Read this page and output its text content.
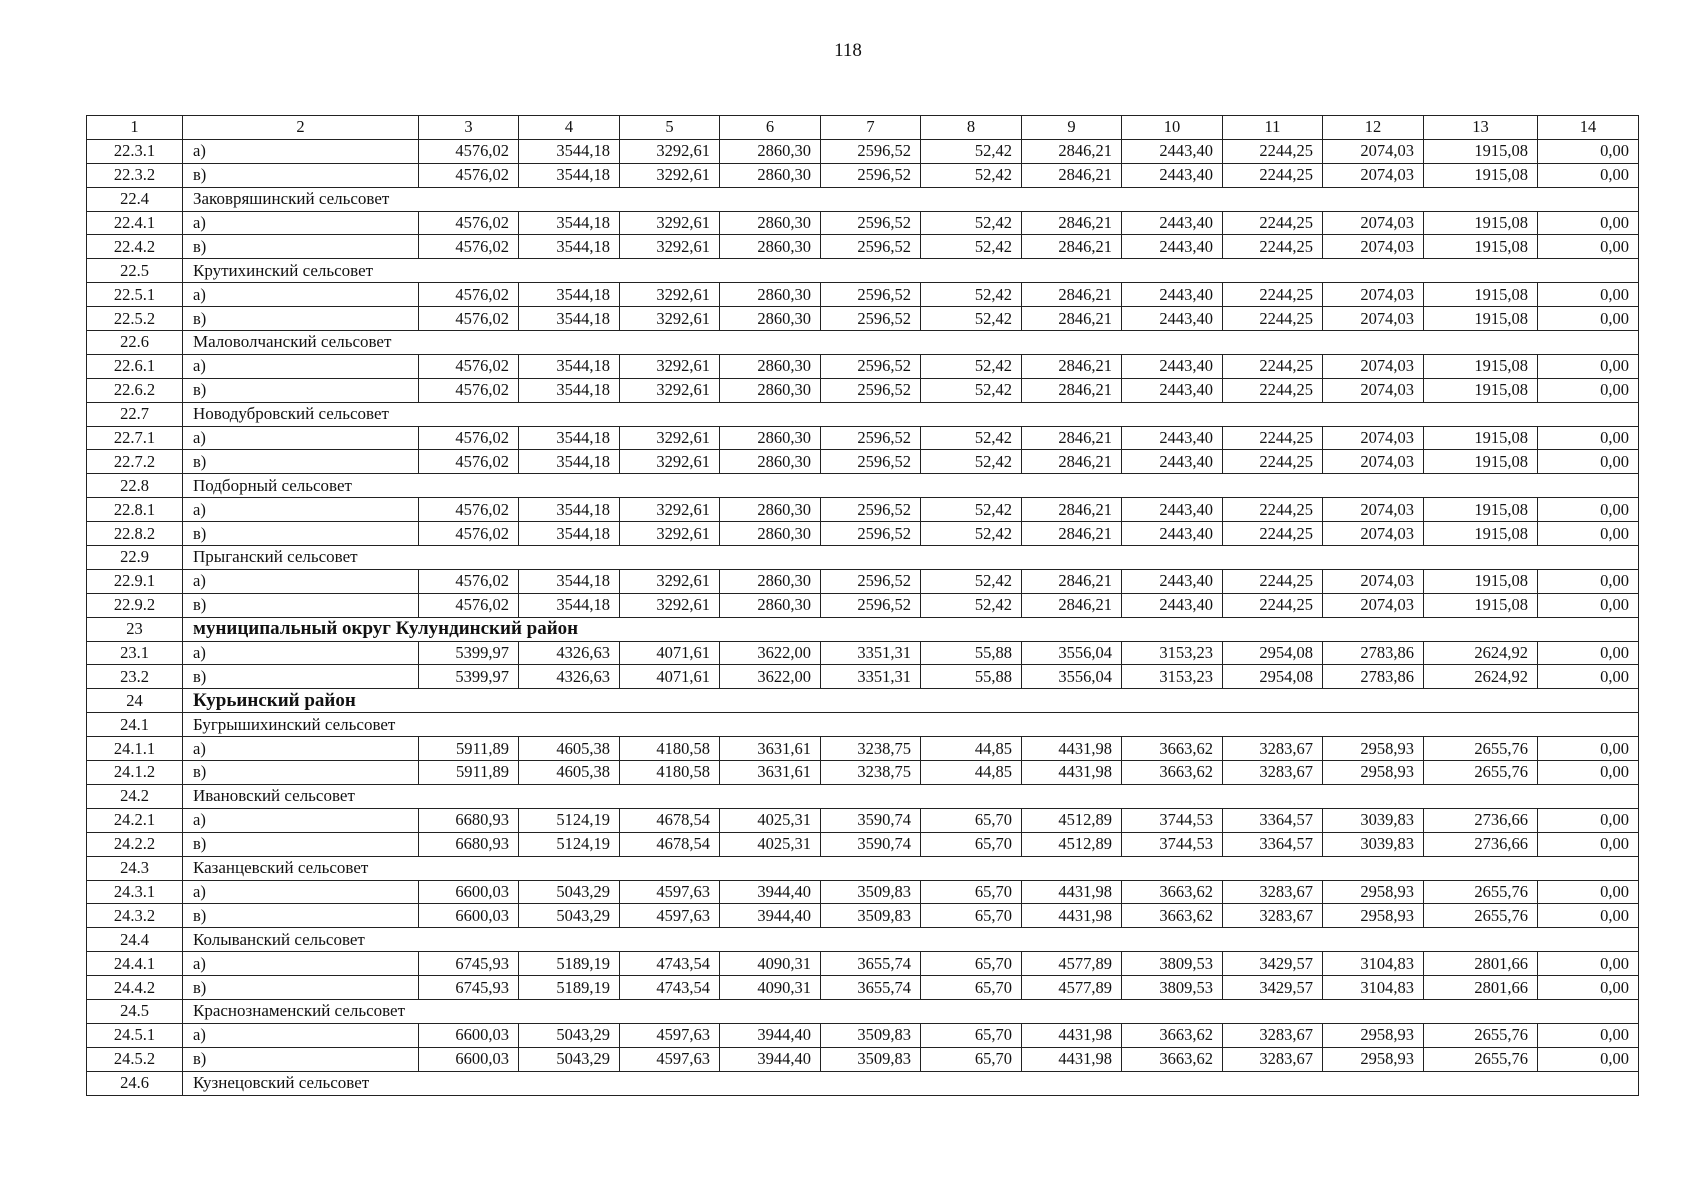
118
1	2	3	4	5	6	7	8	9	10	11	12	13	14
22.3.1	а)	4576,02	3544,18	3292,61	2860,30	2596,52	52,42	2846,21	2443,40	2244,25	2074,03	1915,08	0,00
22.3.2	в)	4576,02	3544,18	3292,61	2860,30	2596,52	52,42	2846,21	2443,40	2244,25	2074,03	1915,08	0,00
22.4	Заковряшинский сельсовет												
22.4.1	а)	4576,02	3544,18	3292,61	2860,30	2596,52	52,42	2846,21	2443,40	2244,25	2074,03	1915,08	0,00
22.4.2	в)	4576,02	3544,18	3292,61	2860,30	2596,52	52,42	2846,21	2443,40	2244,25	2074,03	1915,08	0,00
22.5	Крутихинский сельсовет												
22.5.1	а)	4576,02	3544,18	3292,61	2860,30	2596,52	52,42	2846,21	2443,40	2244,25	2074,03	1915,08	0,00
22.5.2	в)	4576,02	3544,18	3292,61	2860,30	2596,52	52,42	2846,21	2443,40	2244,25	2074,03	1915,08	0,00
22.6	Маловолчанский сельсовет												
22.6.1	а)	4576,02	3544,18	3292,61	2860,30	2596,52	52,42	2846,21	2443,40	2244,25	2074,03	1915,08	0,00
22.6.2	в)	4576,02	3544,18	3292,61	2860,30	2596,52	52,42	2846,21	2443,40	2244,25	2074,03	1915,08	0,00
22.7	Новодубровский сельсовет												
22.7.1	а)	4576,02	3544,18	3292,61	2860,30	2596,52	52,42	2846,21	2443,40	2244,25	2074,03	1915,08	0,00
22.7.2	в)	4576,02	3544,18	3292,61	2860,30	2596,52	52,42	2846,21	2443,40	2244,25	2074,03	1915,08	0,00
22.8	Подборный сельсовет												
22.8.1	а)	4576,02	3544,18	3292,61	2860,30	2596,52	52,42	2846,21	2443,40	2244,25	2074,03	1915,08	0,00
22.8.2	в)	4576,02	3544,18	3292,61	2860,30	2596,52	52,42	2846,21	2443,40	2244,25	2074,03	1915,08	0,00
22.9	Прыганский сельсовет												
22.9.1	а)	4576,02	3544,18	3292,61	2860,30	2596,52	52,42	2846,21	2443,40	2244,25	2074,03	1915,08	0,00
22.9.2	в)	4576,02	3544,18	3292,61	2860,30	2596,52	52,42	2846,21	2443,40	2244,25	2074,03	1915,08	0,00
23	муниципальный округ Кулундинский район												
23.1	а)	5399,97	4326,63	4071,61	3622,00	3351,31	55,88	3556,04	3153,23	2954,08	2783,86	2624,92	0,00
23.2	в)	5399,97	4326,63	4071,61	3622,00	3351,31	55,88	3556,04	3153,23	2954,08	2783,86	2624,92	0,00
24	Курьинский район												
24.1	Бугрышихинский сельсовет												
24.1.1	а)	5911,89	4605,38	4180,58	3631,61	3238,75	44,85	4431,98	3663,62	3283,67	2958,93	2655,76	0,00
24.1.2	в)	5911,89	4605,38	4180,58	3631,61	3238,75	44,85	4431,98	3663,62	3283,67	2958,93	2655,76	0,00
24.2	Ивановский сельсовет												
24.2.1	а)	6680,93	5124,19	4678,54	4025,31	3590,74	65,70	4512,89	3744,53	3364,57	3039,83	2736,66	0,00
24.2.2	в)	6680,93	5124,19	4678,54	4025,31	3590,74	65,70	4512,89	3744,53	3364,57	3039,83	2736,66	0,00
24.3	Казанцевский сельсовет												
24.3.1	а)	6600,03	5043,29	4597,63	3944,40	3509,83	65,70	4431,98	3663,62	3283,67	2958,93	2655,76	0,00
24.3.2	в)	6600,03	5043,29	4597,63	3944,40	3509,83	65,70	4431,98	3663,62	3283,67	2958,93	2655,76	0,00
24.4	Колыванский сельсовет												
24.4.1	а)	6745,93	5189,19	4743,54	4090,31	3655,74	65,70	4577,89	3809,53	3429,57	3104,83	2801,66	0,00
24.4.2	в)	6745,93	5189,19	4743,54	4090,31	3655,74	65,70	4577,89	3809,53	3429,57	3104,83	2801,66	0,00
24.5	Краснознаменский сельсовет												
24.5.1	а)	6600,03	5043,29	4597,63	3944,40	3509,83	65,70	4431,98	3663,62	3283,67	2958,93	2655,76	0,00
24.5.2	в)	6600,03	5043,29	4597,63	3944,40	3509,83	65,70	4431,98	3663,62	3283,67	2958,93	2655,76	0,00
24.6	Кузнецовский сельсовет												
